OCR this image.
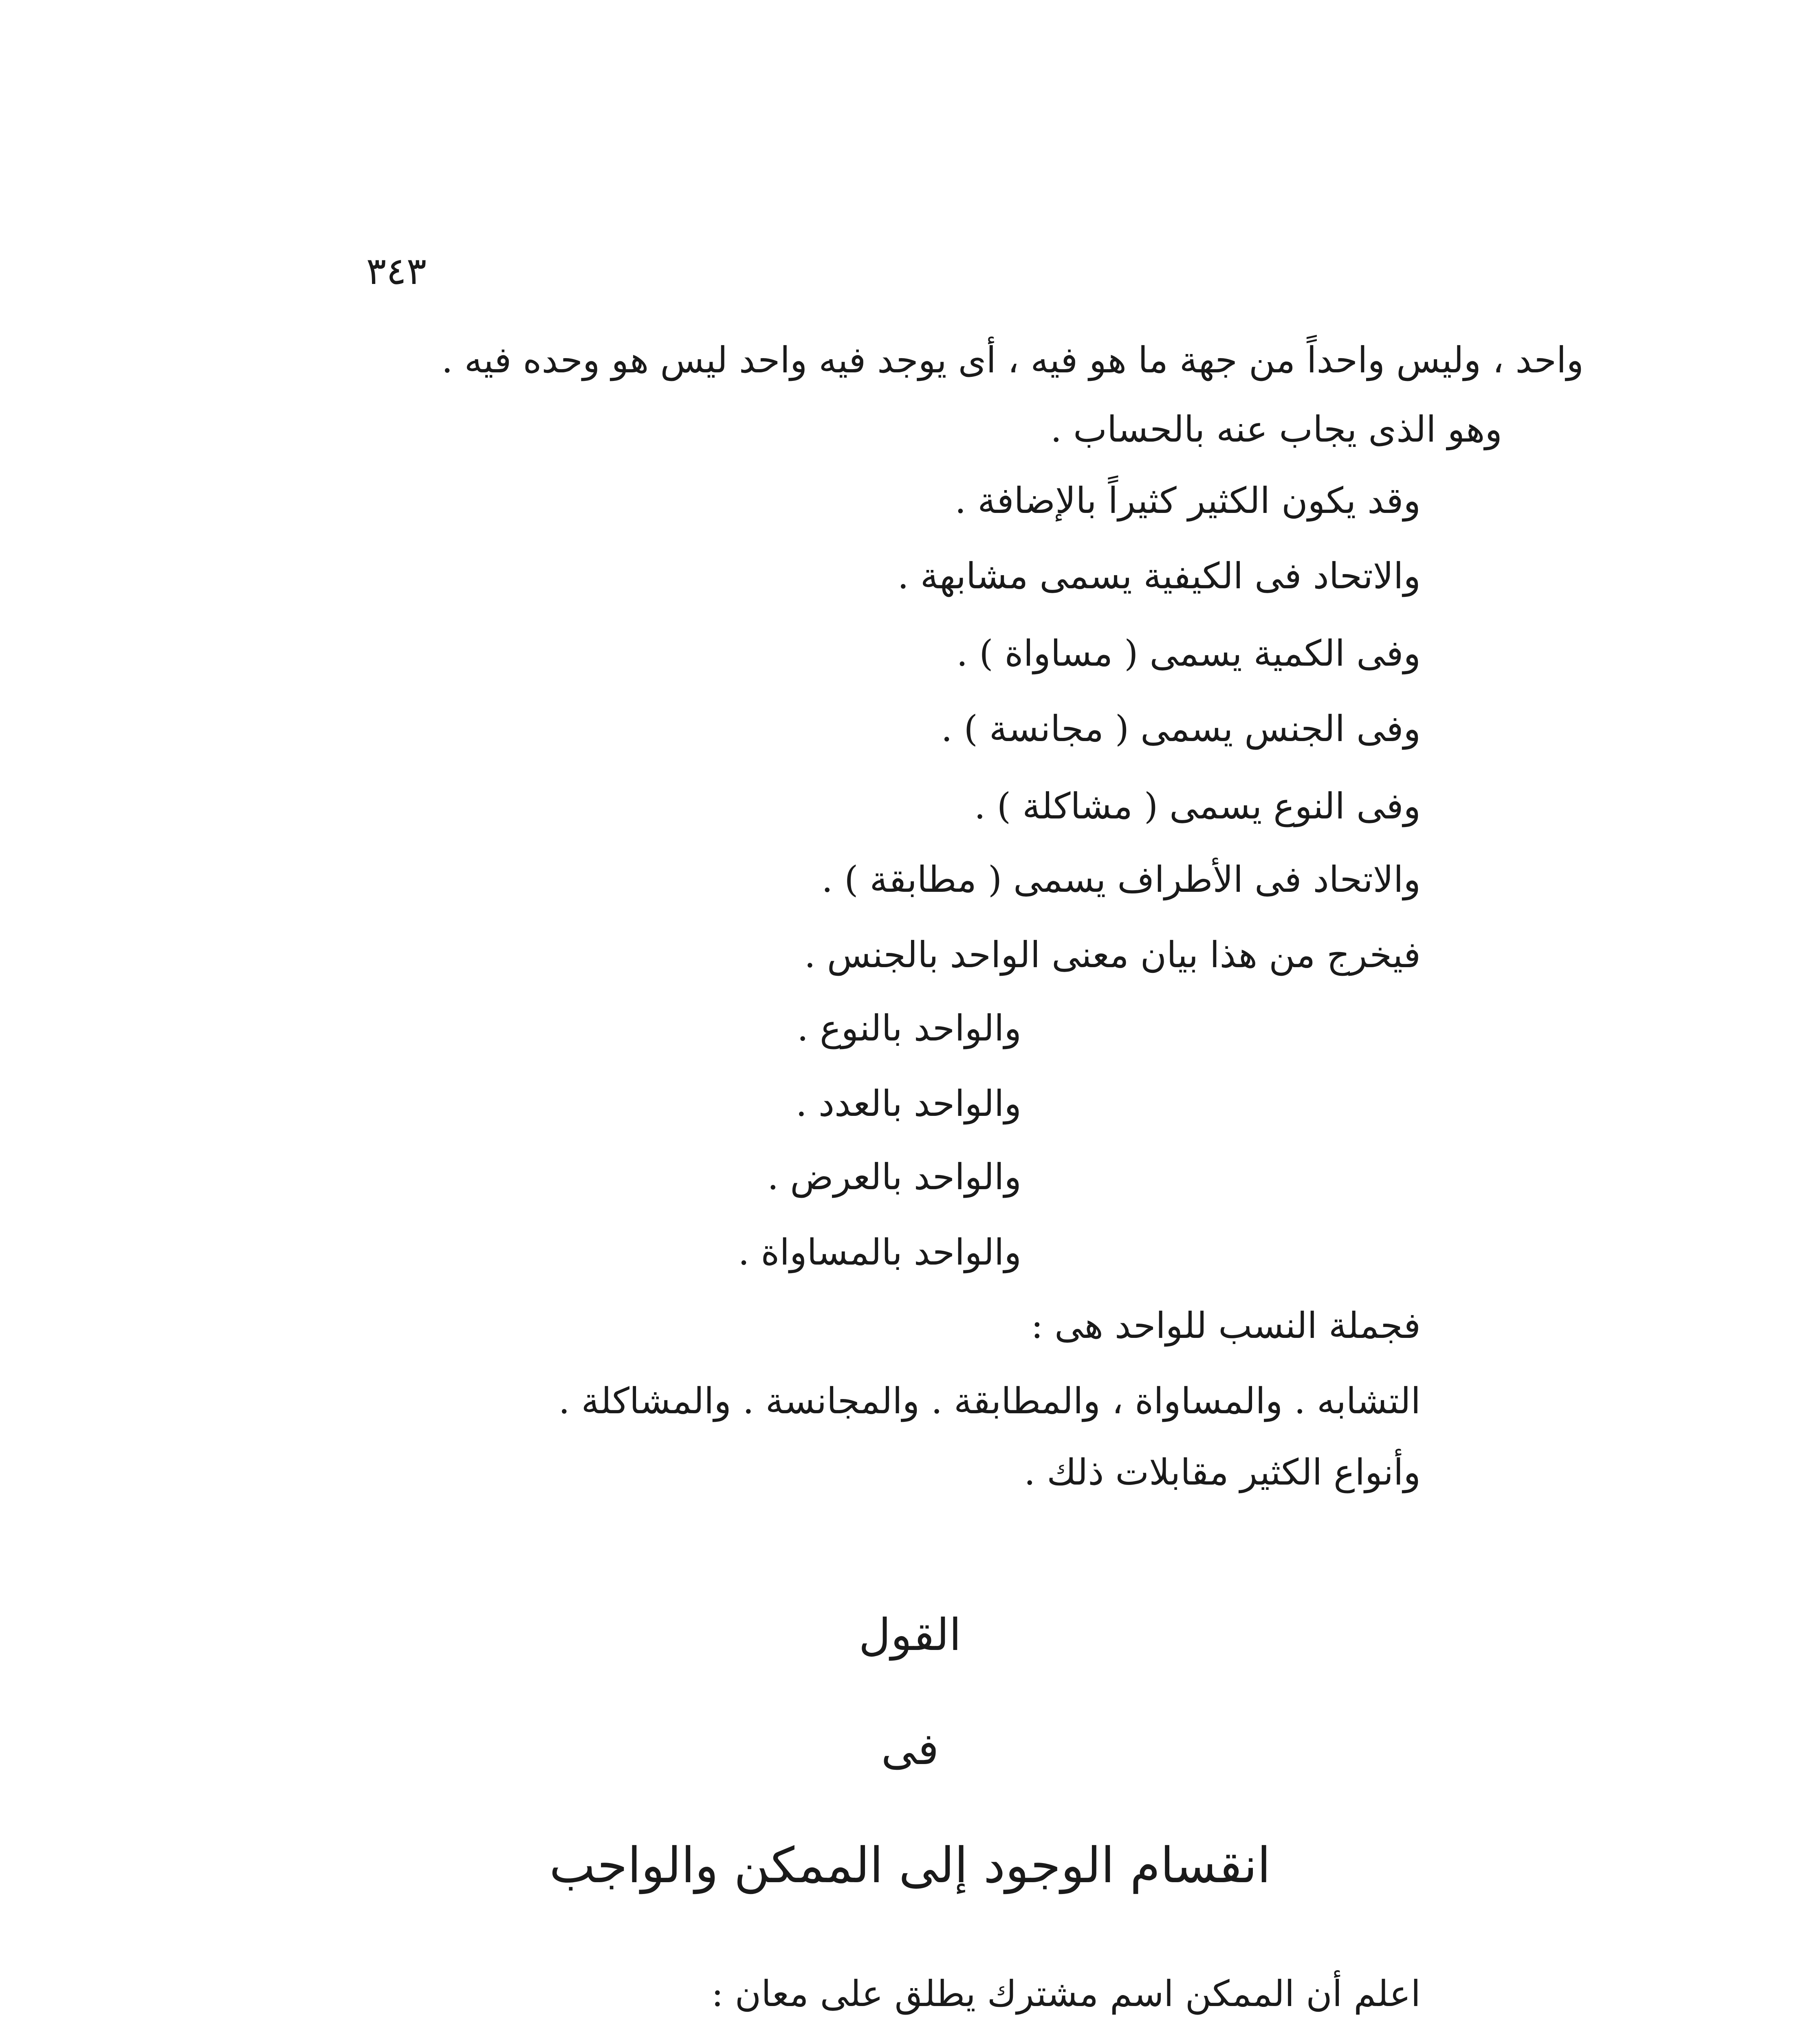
٣٤٣
واحد ، وليس واحداً من جهة ما هو فيه ، أى يوجد فيه واحد ليس هو وحده فيه .
وهو الذى يجاب عنه بالحساب .
وقد يكون الكثير كثيراً بالإضافة .
والاتحاد فى الكيفية يسمى مشابهة .
وفى الكمية يسمى ( مساواة ) .
وفى الجنس يسمى ( مجانسة ) .
وفى النوع يسمى ( مشاكلة ) .
والاتحاد فى الأطراف يسمى ( مطابقة ) .
فيخرج من هذا بيان معنى الواحد بالجنس .
والواحد بالنوع .
والواحد بالعدد .
والواحد بالعرض .
والواحد بالمساواة .
فجملة النسب للواحد هى :
التشابه . والمساواة ، والمطابقة . والمجانسة . والمشاكلة .
وأنواع الكثير مقابلات ذلك .
القول
فى
انقسام الوجود إلى الممكن والواجب
اعلم أن الممكن اسم مشترك يطلق على معان :
